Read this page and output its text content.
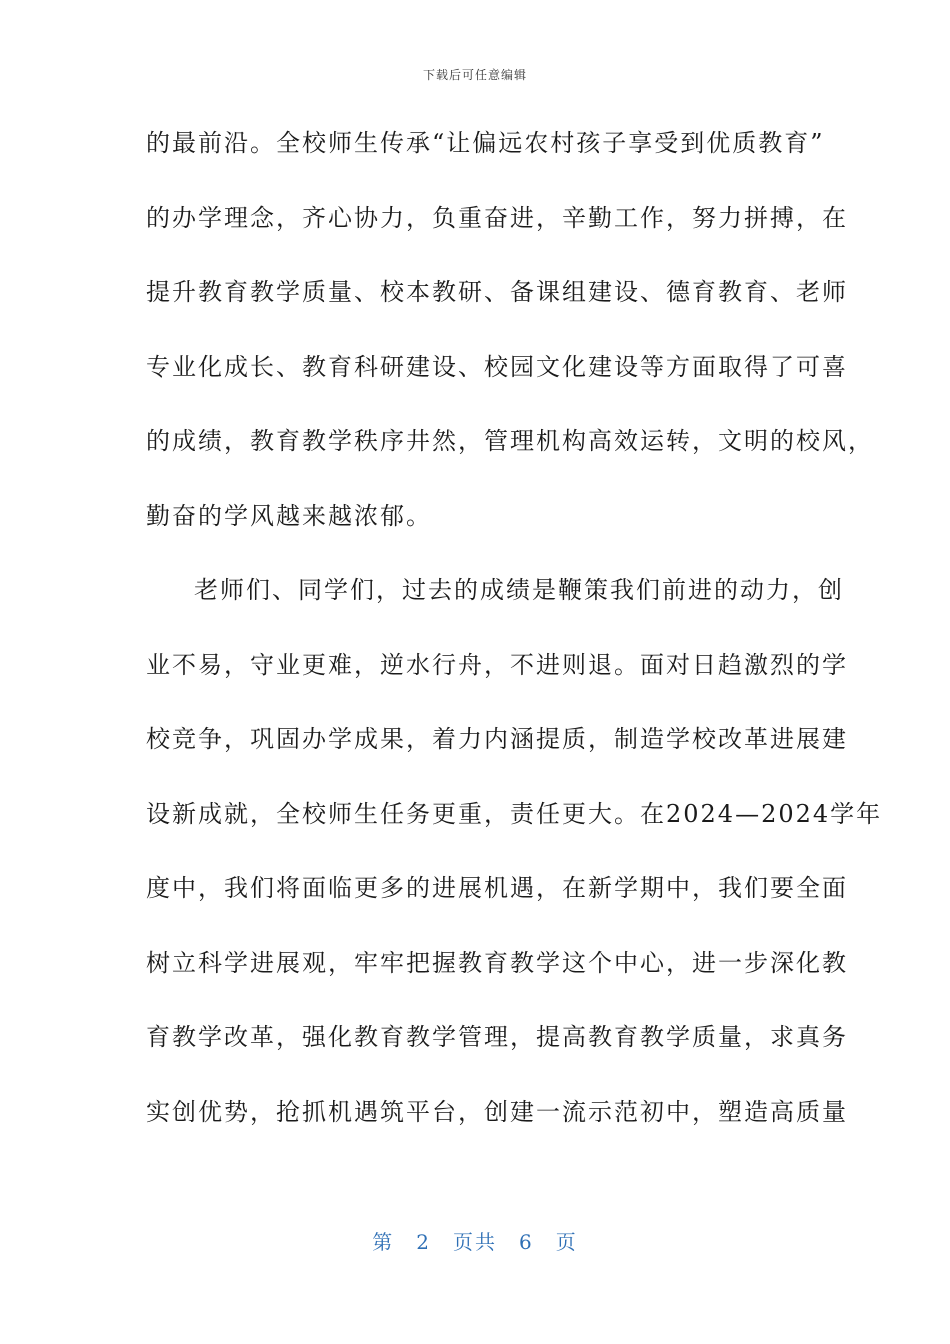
下载后可任意编辑
的最前沿。全校师生传承“让偏远农村孩子享受到优质教育”
的办学理念，齐心协力，负重奋进，辛勤工作，努力拼搏，在
提升教育教学质量、校本教研、备课组建设、德育教育、老师
专业化成长、教育科研建设、校园文化建设等方面取得了可喜
的成绩，教育教学秩序井然，管理机构高效运转，文明的校风，
勤奋的学风越来越浓郁。
老师们、同学们，过去的成绩是鞭策我们前进的动力，创
业不易，守业更难，逆水行舟，不进则退。面对日趋激烈的学
校竞争，巩固办学成果，着力内涵提质，制造学校改革进展建
设新成就，全校师生任务更重，责任更大。在2024—2024学年
度中，我们将面临更多的进展机遇，在新学期中，我们要全面
树立科学进展观，牢牢把握教育教学这个中心，进一步深化教
育教学改革，强化教育教学管理，提高教育教学质量，求真务
实创优势，抢抓机遇筑平台，创建一流示范初中，塑造高质量
第 2 页共 6 页
